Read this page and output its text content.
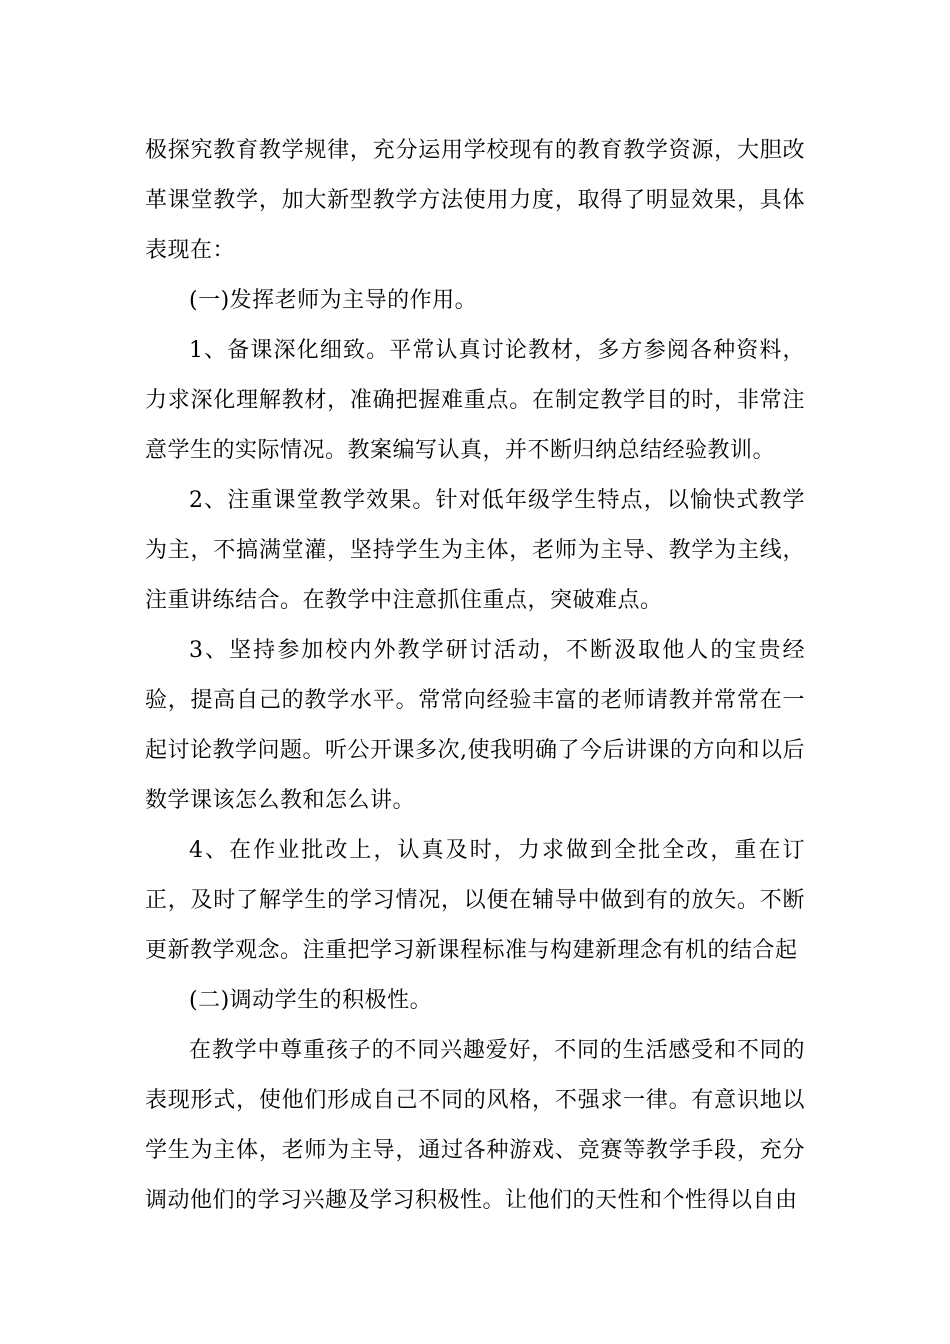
极探究教育教学规律，充分运用学校现有的教育教学资源，大胆改革课堂教学，加大新型教学方法使用力度，取得了明显效果，具体表现在：

(一)发挥老师为主导的作用。

1、备课深化细致。平常认真讨论教材，多方参阅各种资料，力求深化理解教材，准确把握难重点。在制定教学目的时，非常注意学生的实际情况。教案编写认真，并不断归纳总结经验教训。

2、注重课堂教学效果。针对低年级学生特点，以愉快式教学为主，不搞满堂灌，坚持学生为主体，老师为主导、教学为主线，注重讲练结合。在教学中注意抓住重点，突破难点。

3、坚持参加校内外教学研讨活动，不断汲取他人的宝贵经验，提高自己的教学水平。常常向经验丰富的老师请教并常常在一起讨论教学问题。听公开课多次,使我明确了今后讲课的方向和以后数学课该怎么教和怎么讲。

4、在作业批改上，认真及时，力求做到全批全改，重在订正，及时了解学生的学习情况，以便在辅导中做到有的放矢。不断更新教学观念。注重把学习新课程标准与构建新理念有机的结合起

(二)调动学生的积极性。

在教学中尊重孩子的不同兴趣爱好，不同的生活感受和不同的表现形式，使他们形成自己不同的风格，不强求一律。有意识地以学生为主体，老师为主导，通过各种游戏、竞赛等教学手段，充分调动他们的学习兴趣及学习积极性。让他们的天性和个性得以自由
